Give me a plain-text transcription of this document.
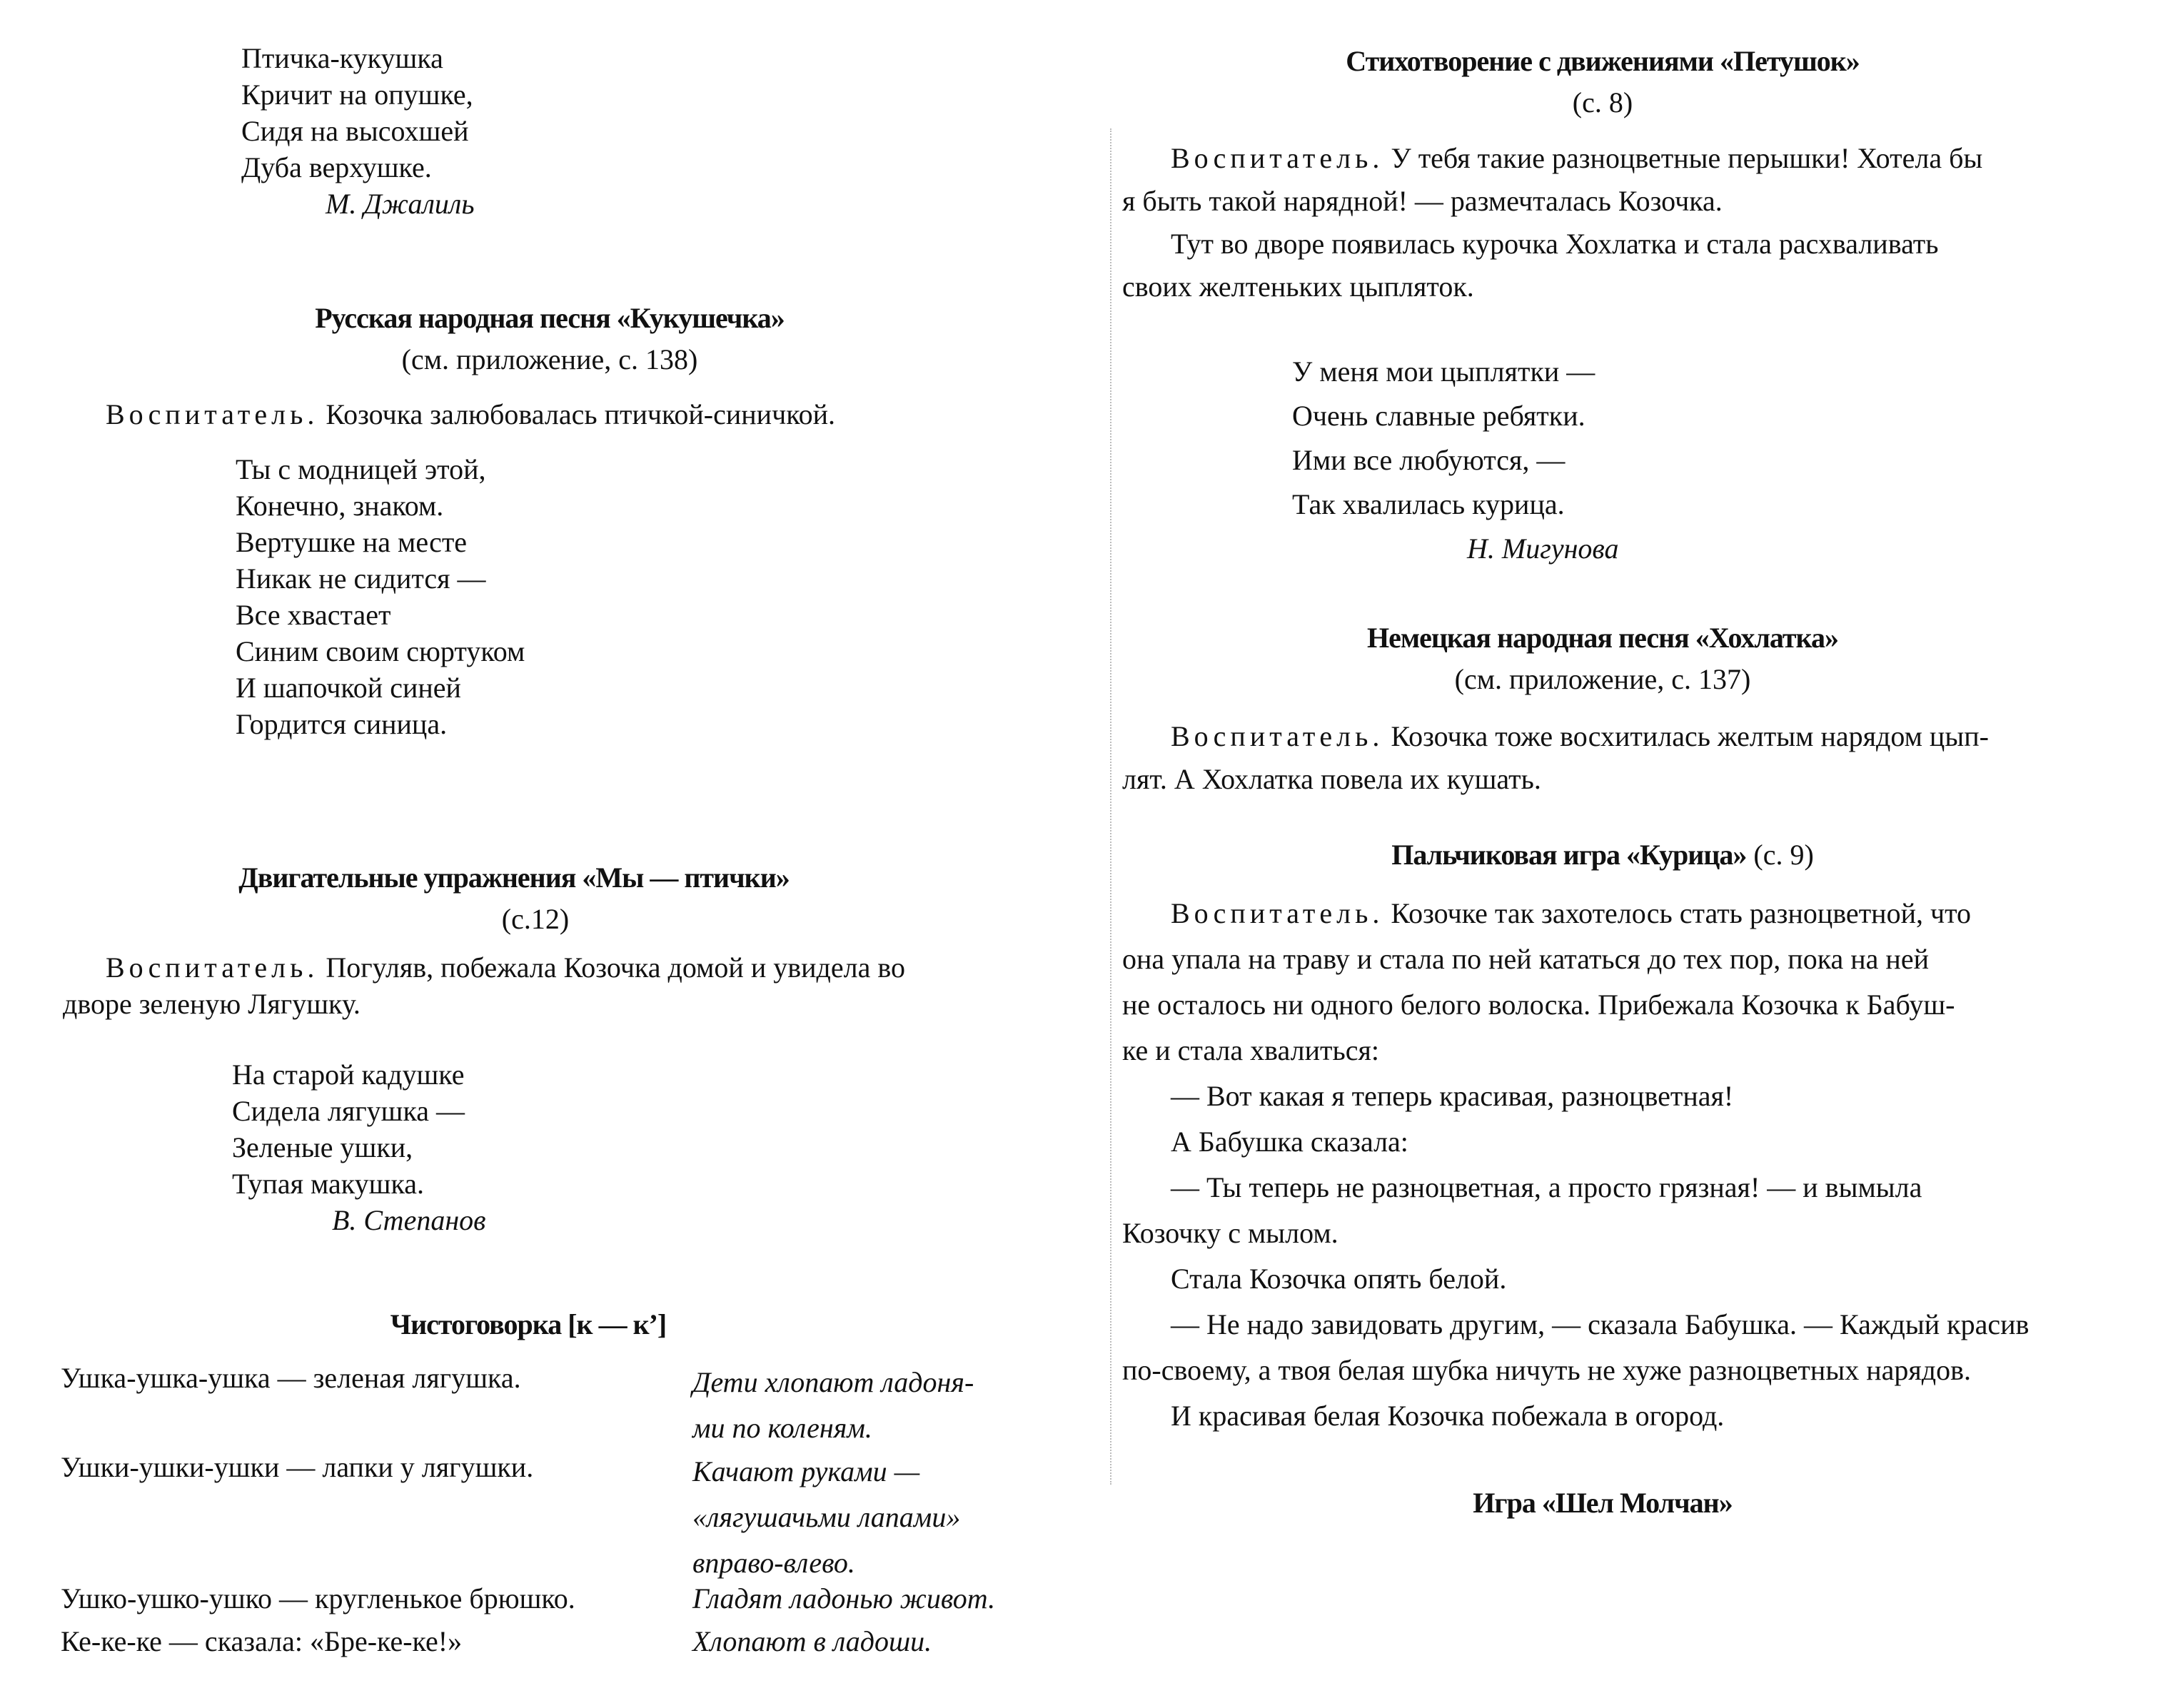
Птичка-кукушка
Кричит на опушке,
Сидя на высохшей
Дуба верхушке.
М. Джалиль
Русская народная песня «Кукушечка»
(см. приложение, с. 138)
Воспитатель. Козочка залюбовалась птичкой-синичкой.
Ты с модницей этой,
Конечно, знаком.
Вертушке на месте
Никак не сидится —
Все хвастает
Синим своим сюртуком
И шапочкой синей
Гордится синица.
Двигательные упражнения «Мы — птички»
(с.12)
Воспитатель. Погуляв, побежала Козочка домой и увидела во
дворе зеленую Лягушку.
На старой кадушке
Сидела лягушка —
Зеленые ушки,
Тупая макушка.
В. Степанов
Чистоговорка [к — к’]
Ушка-ушка-ушка — зеленая лягушка.	Дети хлопают ладоня-
ми по коленям.
Ушки-ушки-ушки — лапки у лягушки.	Качают руками —
«лягушачьми лапами»
вправо-влево.
Ушко-ушко-ушко — кругленькое брюшко.
Ке-ке-ке — сказала: «Бре-ке-ке!»
Гладят ладонью живот.
Хлопают в ладоши.
Стихотворение с движениями «Петушок»
(с. 8)
Воспитатель. У тебя такие разноцветные перышки! Хотела бы
я быть такой нарядной! — размечталась Козочка.
Тут во дворе появилась курочка Хохлатка и стала расхваливать
своих желтеньких цыпляток.
У меня мои цыплятки —
Очень славные ребятки.
Ими все любуются, —
Так хвалилась курица.
Н. Мигунова
Немецкая народная песня «Хохлатка»
(см. приложение, с. 137)
Воспитатель. Козочка тоже восхитилась желтым нарядом цып-
лят. А Хохлатка повела их кушать.
Пальчиковая игра «Курица» (с. 9)
Воспитатель. Козочке так захотелось стать разноцветной, что
она упала на траву и стала по ней кататься до тех пор, пока на ней
не осталось ни одного белого волоска. Прибежала Козочка к Бабуш-
ке и стала хвалиться:
— Вот какая я теперь красивая, разноцветная!
А Бабушка сказала:
— Ты теперь не разноцветная, а просто грязная! — и вымыла
Козочку с мылом.
Стала Козочка опять белой.
— Не надо завидовать другим, — сказала Бабушка. — Каждый красив
по-своему, а твоя белая шубка ничуть не хуже разноцветных нарядов.
И красивая белая Козочка побежала в огород.
Игра «Шел Молчан»
